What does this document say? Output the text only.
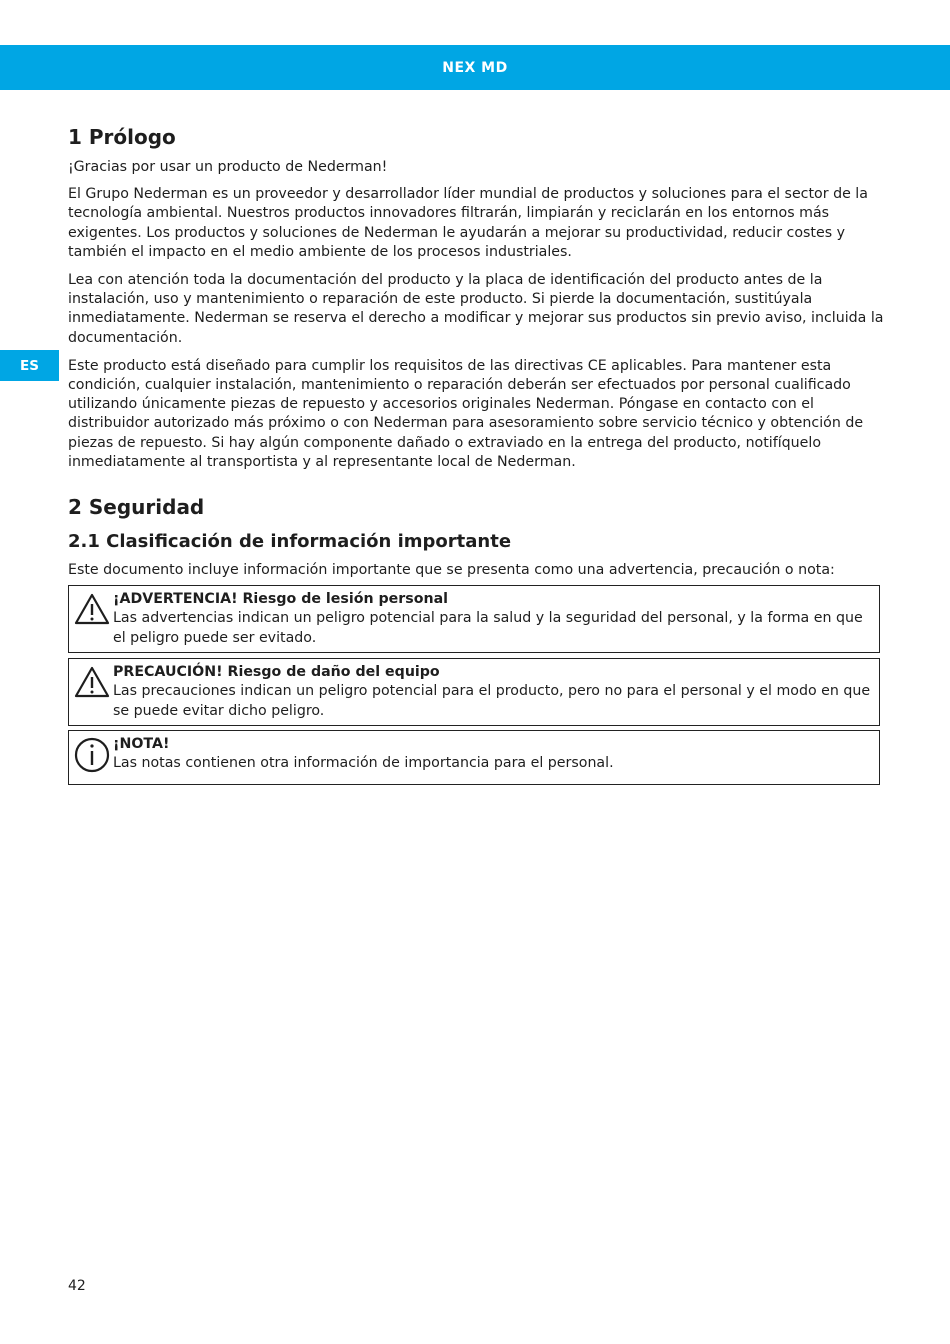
NEX MD
ES
1 Prólogo

¡Gracias por usar un producto de Nederman!

El Grupo Nederman es un proveedor y desarrollador líder mundial de productos y soluciones para el sector de la tecnología ambiental. Nuestros productos innovadores filtrarán, limpiarán y reciclarán en los entornos más exigentes. Los productos y soluciones de Nederman le ayudarán a mejorar su productividad, reducir costes y también el impacto en el medio ambiente de los procesos industriales.

Lea con atención toda la documentación del producto y la placa de identificación del producto antes de la instalación, uso y mantenimiento o reparación de este producto. Si pierde la documentación, sustitúyala inmediatamente. Nederman se reserva el derecho a modificar y mejorar sus productos sin previo aviso, incluida la documentación.

Este producto está diseñado para cumplir los requisitos de las directivas CE aplicables. Para mantener esta condición, cualquier instalación, mantenimiento o reparación deberán ser efectuados por personal cualificado utilizando únicamente piezas de repuesto y accesorios originales Nederman. Póngase en contacto con el distribuidor autorizado más próximo o con Nederman para asesoramiento sobre servicio técnico y obtención de piezas de repuesto. Si hay algún componente dañado o extraviado en la entrega del producto, notifíquelo inmediatamente al transportista y al representante local de Nederman.

2 Seguridad
2.1 Clasificación de información importante

Este documento incluye información importante que se presenta como una advertencia, precaución o nota:

¡ADVERTENCIA! Riesgo de lesión personal
Las advertencias indican un peligro potencial para la salud y la seguridad del personal, y la forma en que el peligro puede ser evitado.
PRECAUCIÓN! Riesgo de daño del equipo
Las precauciones indican un peligro potencial para el producto, pero no para el personal y el modo en que se puede evitar dicho peligro.
¡NOTA!
Las notas contienen otra información de importancia para el personal.
42
